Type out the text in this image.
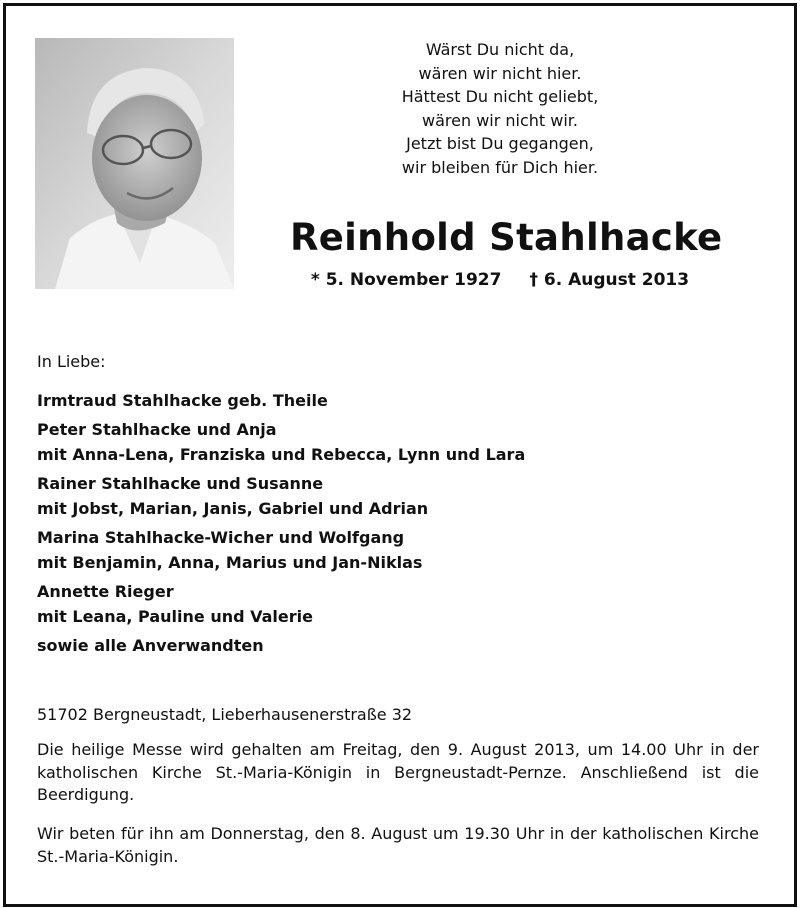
Wärst Du nicht da,
wären wir nicht hier.
Hättest Du nicht geliebt,
wären wir nicht wir.
Jetzt bist Du gegangen,
wir bleiben für Dich hier.
Reinhold Stahlhacke
* 5. November 1927 † 6. August 2013
In Liebe:
Irmtraud Stahlhacke geb. Theile
Peter Stahlhacke und Anja
mit Anna-Lena, Franziska und Rebecca, Lynn und Lara
Rainer Stahlhacke und Susanne
mit Jobst, Marian, Janis, Gabriel und Adrian
Marina Stahlhacke-Wicher und Wolfgang
mit Benjamin, Anna, Marius und Jan-Niklas
Annette Rieger
mit Leana, Pauline und Valerie
sowie alle Anverwandten
51702 Bergneustadt, Lieberhausenerstraße 32
Die heilige Messe wird gehalten am Freitag, den 9. August 2013, um 14.00 Uhr in der katholischen Kirche St.-Maria-Königin in Bergneustadt-Pernze. Anschließend ist die Beerdigung.
Wir beten für ihn am Donnerstag, den 8. August um 19.30 Uhr in der katholischen Kirche St.-Maria-Königin.
